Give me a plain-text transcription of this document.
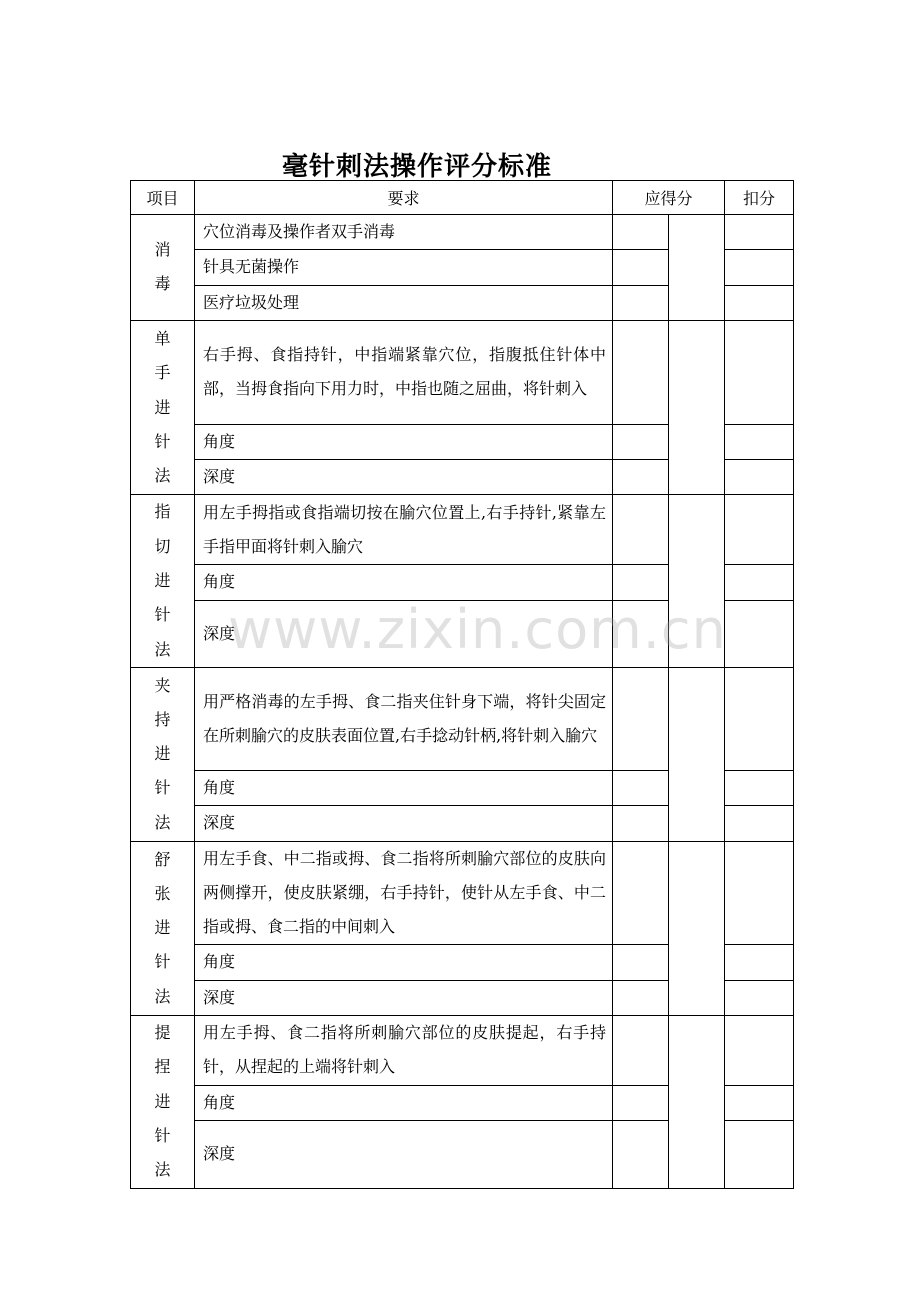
毫针刺法操作评分标准
项目	要求	应得分		扣分
消
毒	穴位消毒及操作者双手消毒			
	针具无菌操作			
	医疗垃圾处理			
单
手
进
针
法	右手拇、食指持针，中指端紧靠穴位，指腹抵住针体中部，当拇食指向下用力时，中指也随之屈曲，将针刺入			
	角度			
	深度			
指
切
进
针
法	用左手拇指或食指端切按在腧穴位置上,右手持针,紧靠左手指甲面将针刺入腧穴			
	角度			
	深度			
夹
持
进
针
法	用严格消毒的左手拇、食二指夹住针身下端，将针尖固定在所刺腧穴的皮肤表面位置,右手捻动针柄,将针刺入腧穴			
	角度			
	深度			
舒
张
进
针
法	用左手食、中二指或拇、食二指将所刺腧穴部位的皮肤向两侧撑开，使皮肤紧绷，右手持针，使针从左手食、中二指或拇、食二指的中间刺入			
	角度			
	深度			
提
捏
进
针
法	用左手拇、食二指将所刺腧穴部位的皮肤提起，右手持针，从捏起的上端将针刺入			
	角度			
	深度			
www.zixin.com.cn
